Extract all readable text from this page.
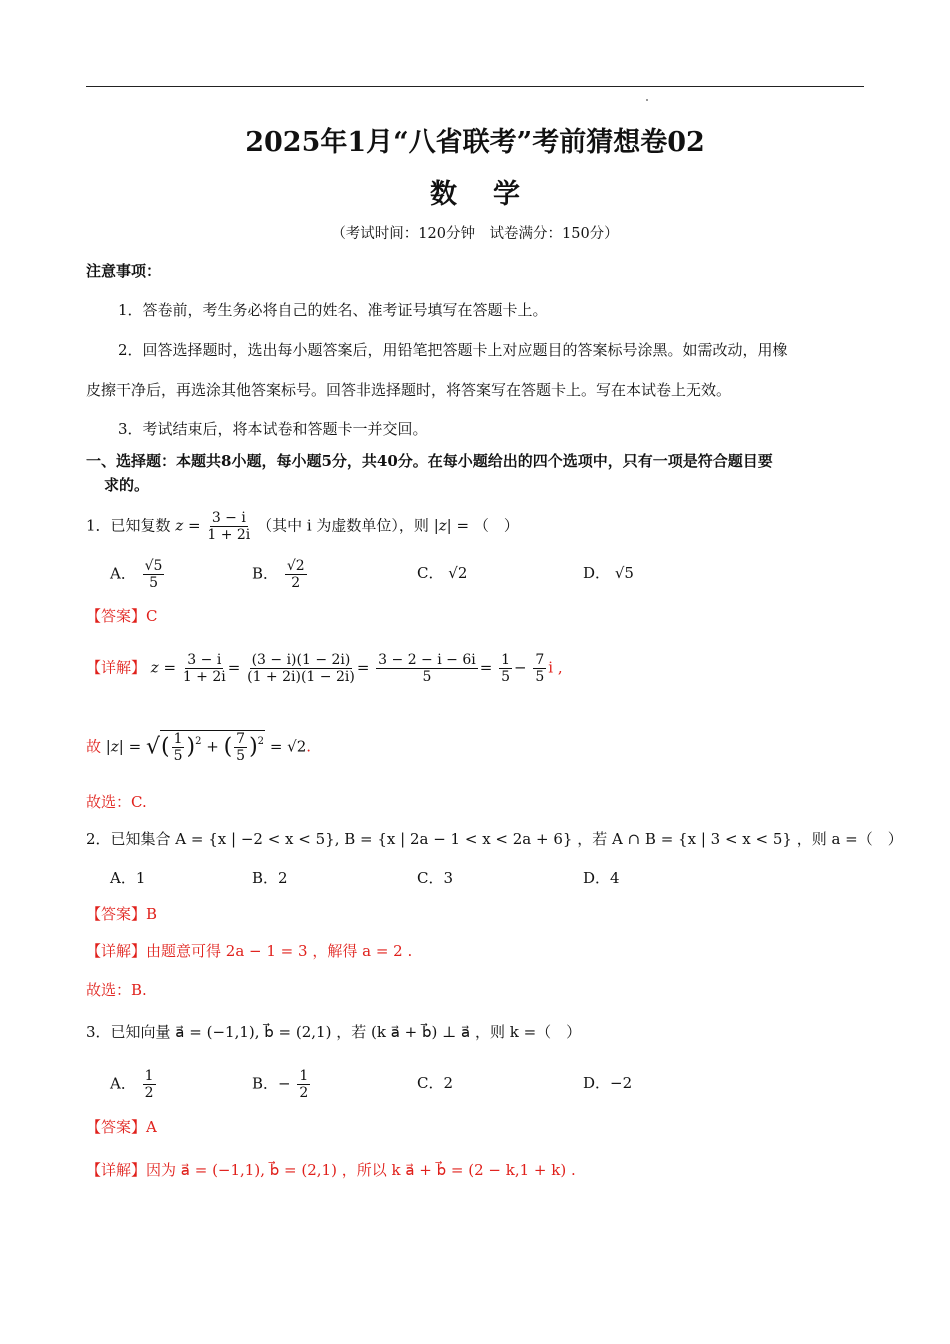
2025年1月“八省联考”考前猜想卷02
数学
（考试时间：120分钟　试卷满分：150分）
注意事项：
1．答卷前，考生务必将自己的姓名、准考证号填写在答题卡上。
2．回答选择题时，选出每小题答案后，用铅笔把答题卡上对应题目的答案标号涂黑。如需改动，用橡
皮擦干净后，再选涂其他答案标号。回答非选择题时，将答案写在答题卡上。写在本试卷上无效。
3．考试结束后，将本试卷和答题卡一并交回。
一、选择题：本题共8小题，每小题5分，共40分。在每小题给出的四个选项中，只有一项是符合题目要
求的。
1．已知复数 $z = \frac{3 - i}{1 + 2i}$ （其中 i 为虚数单位），则 |z| = （　）
A． $\frac{√5}{5}$	B． $\frac{√2}{2}$	C． √2	D． √5
【答案】C
【详解】 $z = \frac{3 - i}{1 + 2i} = \frac{(3 - i)(1 - 2i)}{(1 + 2i)(1 - 2i)} = \frac{3 - 2 - i - 6i}{5} = \frac{1}{5} - \frac{7}{5}$ i ,
故 |z| = √( $\frac{1}{5} )^2$ + ( $\frac{7}{5} )^2 = √2$.
故选：C.
2．已知集合 A = {x | −2 < x < 5}, B = {x | 2a − 1 < x < 2a + 6} ，若 A ∩ B = {x | 3 < x < 5} ，则 a =（　）
A．1	B．2	C．3	D．4
【答案】B
【详解】由题意可得 2a − 1 = 3 ，解得 a = 2 .
故选：B.
3．已知向量 a⃗ = (−1,1), b⃗ = (2,1) ，若 (k a⃗ + b⃗) ⊥ a⃗ ，则 k =（　）
A． $\frac{1}{2}$	B．− $\frac{1}{2}$	C．2	D．−2
【答案】A
【详解】因为 a⃗ = (−1,1), b⃗ = (2,1) ，所以 k a⃗ + b⃗ = (2 − k,1 + k) .
